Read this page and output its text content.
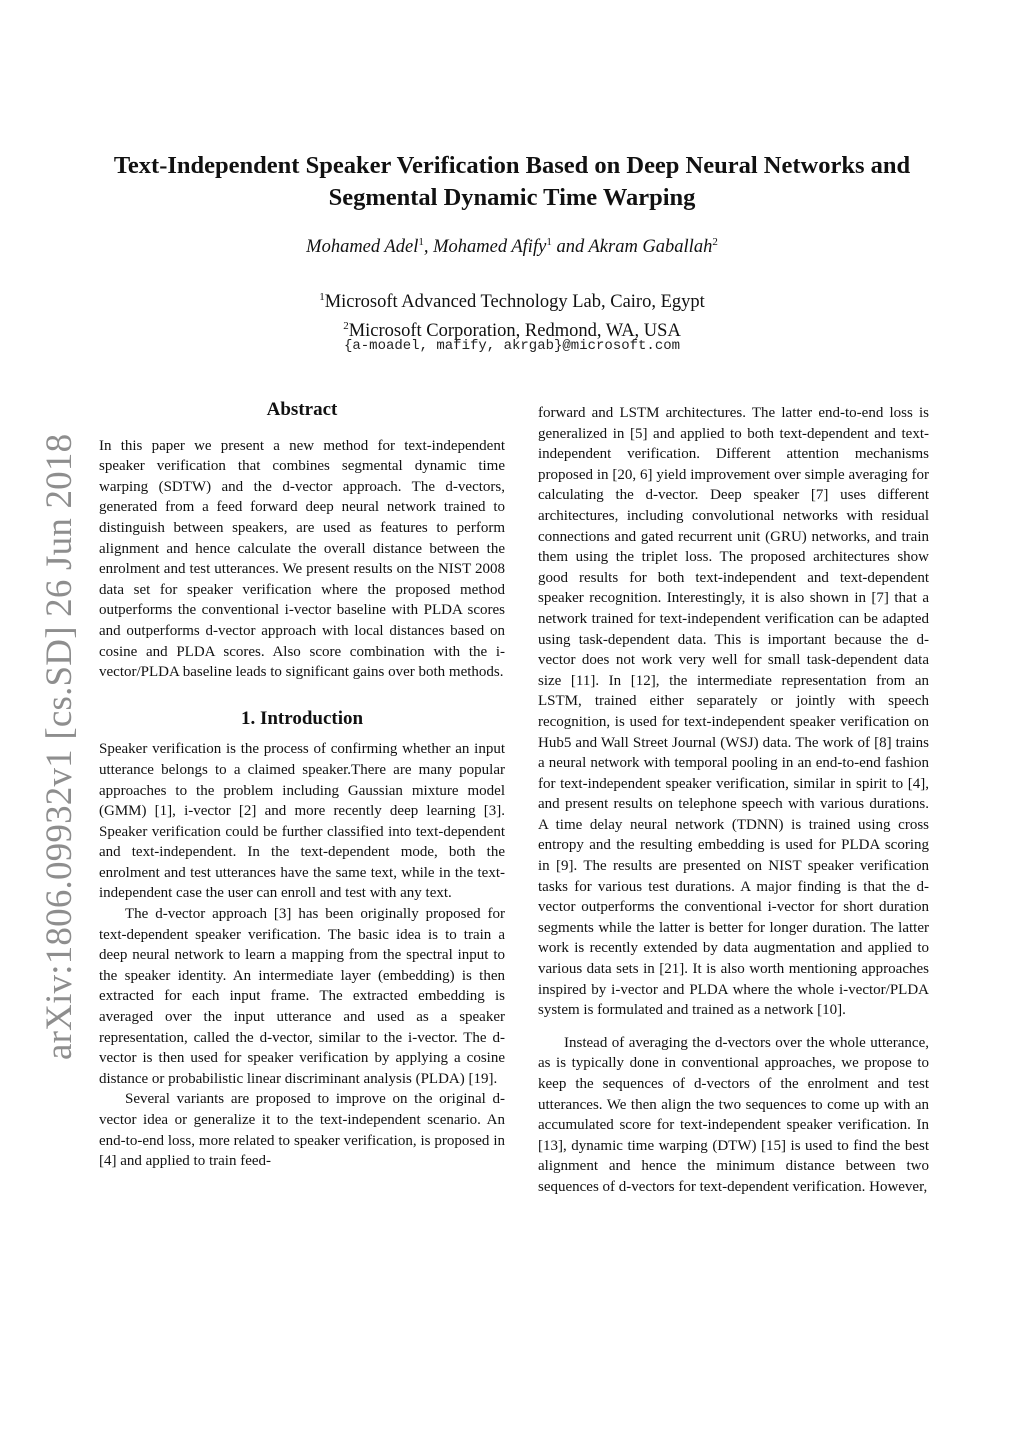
arXiv:1806.09932v1 [cs.SD] 26 Jun 2018
Text-Independent Speaker Verification Based on Deep Neural Networks and Segmental Dynamic Time Warping
Mohamed Adel$^1$, Mohamed Afify$^1$ and Akram Gaballah$^2$
$^1$Microsoft Advanced Technology Lab, Cairo, Egypt
$^2$Microsoft Corporation, Redmond, WA, USA
{a-moadel, mafify, akrgab}@microsoft.com
Abstract

In this paper we present a new method for text-independent speaker verification that combines segmental dynamic time warping (SDTW) and the d-vector approach. The d-vectors, generated from a feed forward deep neural network trained to distinguish between speakers, are used as features to perform alignment and hence calculate the overall distance between the enrolment and test utterances. We present results on the NIST 2008 data set for speaker verification where the proposed method outperforms the conventional i-vector baseline with PLDA scores and outperforms d-vector approach with local distances based on cosine and PLDA scores. Also score combination with the i-vector/PLDA baseline leads to significant gains over both methods.

1. Introduction

Speaker verification is the process of confirming whether an input utterance belongs to a claimed speaker.There are many popular approaches to the problem including Gaussian mixture model (GMM) [1], i-vector [2] and more recently deep learning [3]. Speaker verification could be further classified into text-dependent and text-independent. In the text-dependent mode, both the enrolment and test utterances have the same text, while in the text-independent case the user can enroll and test with any text.

The d-vector approach [3] has been originally proposed for text-dependent speaker verification. The basic idea is to train a deep neural network to learn a mapping from the spectral input to the speaker identity. An intermediate layer (embedding) is then extracted for each input frame. The extracted embedding is averaged over the input utterance and used as a speaker representation, called the d-vector, similar to the i-vector. The d-vector is then used for speaker verification by applying a cosine distance or probabilistic linear discriminant analysis (PLDA) [19].

Several variants are proposed to improve on the original d-vector idea or generalize it to the text-independent scenario. An end-to-end loss, more related to speaker verification, is proposed in [4] and applied to train feed-

forward and LSTM architectures. The latter end-to-end loss is generalized in [5] and applied to both text-dependent and text-independent verification. Different attention mechanisms proposed in [20, 6] yield improvement over simple averaging for calculating the d-vector. Deep speaker [7] uses different architectures, including convolutional networks with residual connections and gated recurrent unit (GRU) networks, and train them using the triplet loss. The proposed architectures show good results for both text-independent and text-dependent speaker recognition. Interestingly, it is also shown in [7] that a network trained for text-independent verification can be adapted using task-dependent data. This is important because the d-vector does not work very well for small task-dependent data size [11]. In [12], the intermediate representation from an LSTM, trained either separately or jointly with speech recognition, is used for text-independent speaker verification on Hub5 and Wall Street Journal (WSJ) data. The work of [8] trains a neural network with temporal pooling in an end-to-end fashion for text-independent speaker verification, similar in spirit to [4], and present results on telephone speech with various durations. A time delay neural network (TDNN) is trained using cross entropy and the resulting embedding is used for PLDA scoring in [9]. The results are presented on NIST speaker verification tasks for various test durations. A major finding is that the d-vector outperforms the conventional i-vector for short duration segments while the latter is better for longer duration. The latter work is recently extended by data augmentation and applied to various data sets in [21]. It is also worth mentioning approaches inspired by i-vector and PLDA where the whole i-vector/PLDA system is formulated and trained as a network [10].

Instead of averaging the d-vectors over the whole utterance, as is typically done in conventional approaches, we propose to keep the sequences of d-vectors of the enrolment and test utterances. We then align the two sequences to come up with an accumulated score for text-independent speaker verification. In [13], dynamic time warping (DTW) [15] is used to find the best alignment and hence the minimum distance between two sequences of d-vectors for text-dependent verification. However,
